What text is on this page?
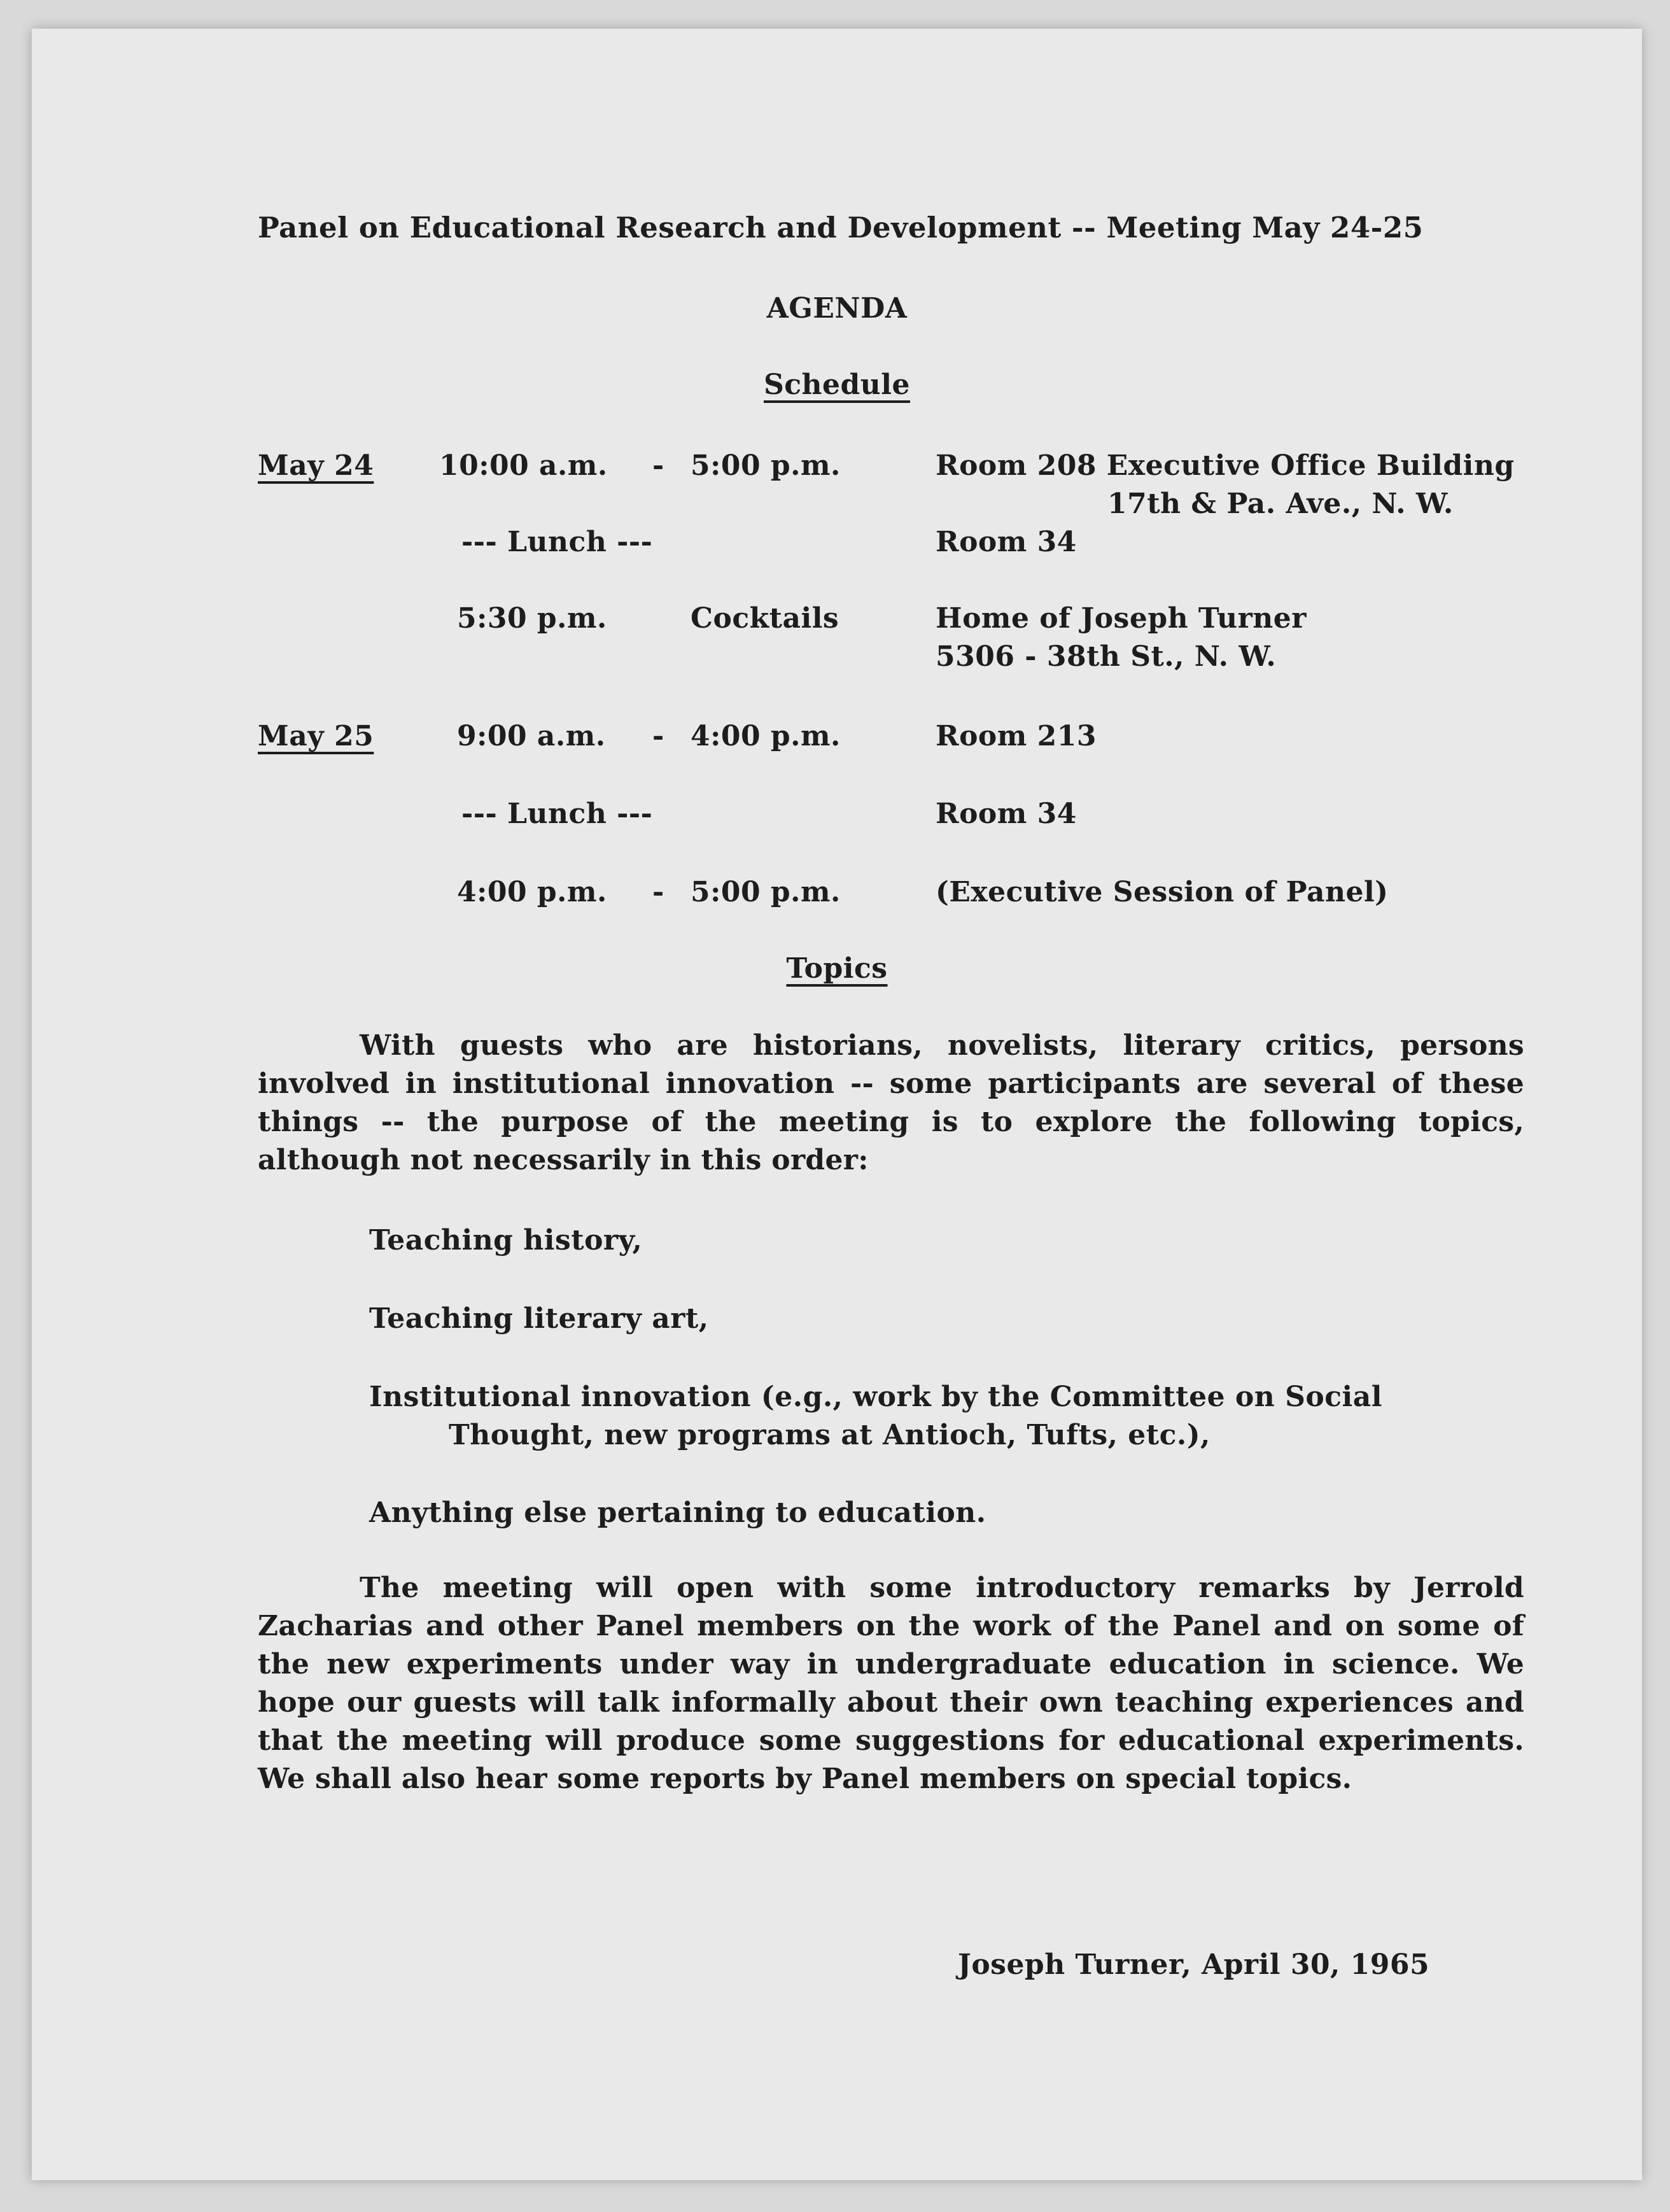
Panel on Educational Research and Development -- Meeting May 24-25
AGENDA
Schedule
May 24 10:00 a.m. - 5:00 p.m.	Room 208 Executive Office Building
17th & Pa. Ave., N. W.
--- Lunch ---	Room 34
5:30 p.m.	Cocktails	Home of Joseph Turner
5306 - 38th St., N. W.
May 25	9:00 a.m. - 4:00 p.m.	Room 213
--- Lunch ---	Room 34
4:00 p.m. - 5:00 p.m.	(Executive Session of Panel)
Topics
With guests who are historians, novelists, literary critics, persons involved in institutional innovation -- some participants are several of these things -- the purpose of the meeting is to explore the following topics, although not necessarily in this order:
Teaching history,
Teaching literary art,
Institutional innovation (e.g., work by the Committee on Social
Thought, new programs at Antioch, Tufts, etc.),
Anything else pertaining to education.
The meeting will open with some introductory remarks by Jerrold Zacharias and other Panel members on the work of the Panel and on some of the new experiments under way in undergraduate education in science. We hope our guests will talk informally about their own teaching experiences and that the meeting will produce some suggestions for educational experiments. We shall also hear some reports by Panel members on special topics.
Joseph Turner, April 30, 1965
